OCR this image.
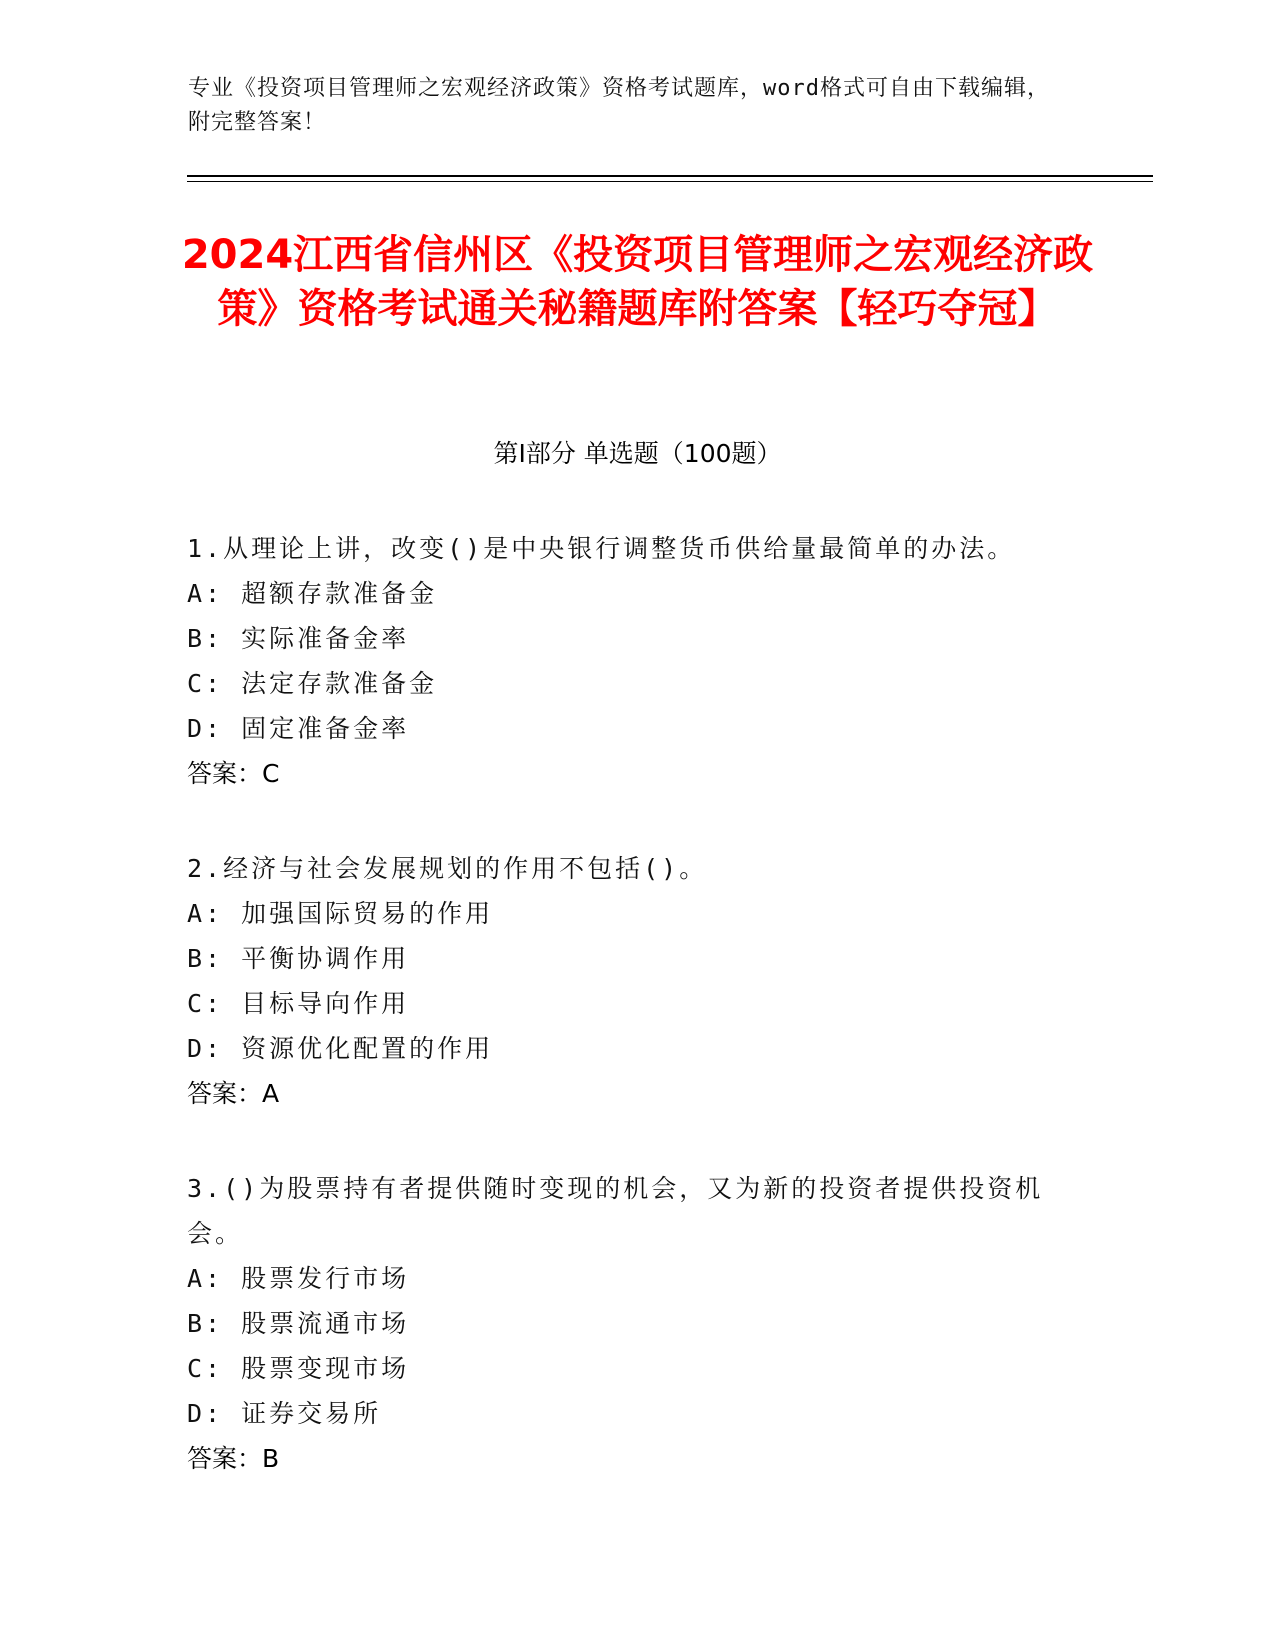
专业《投资项目管理师之宏观经济政策》资格考试题库，word格式可自由下载编辑，附完整答案！
2024江西省信州区《投资项目管理师之宏观经济政策》资格考试通关秘籍题库附答案【轻巧夺冠】
第I部分 单选题（100题）
1.从理论上讲，改变()是中央银行调整货币供给量最简单的办法。
A: 超额存款准备金
B: 实际准备金率
C: 法定存款准备金
D: 固定准备金率
答案：C
2.经济与社会发展规划的作用不包括()。
A: 加强国际贸易的作用
B: 平衡协调作用
C: 目标导向作用
D: 资源优化配置的作用
答案：A
3.()为股票持有者提供随时变现的机会，又为新的投资者提供投资机会。
A: 股票发行市场
B: 股票流通市场
C: 股票变现市场
D: 证券交易所
答案：B
